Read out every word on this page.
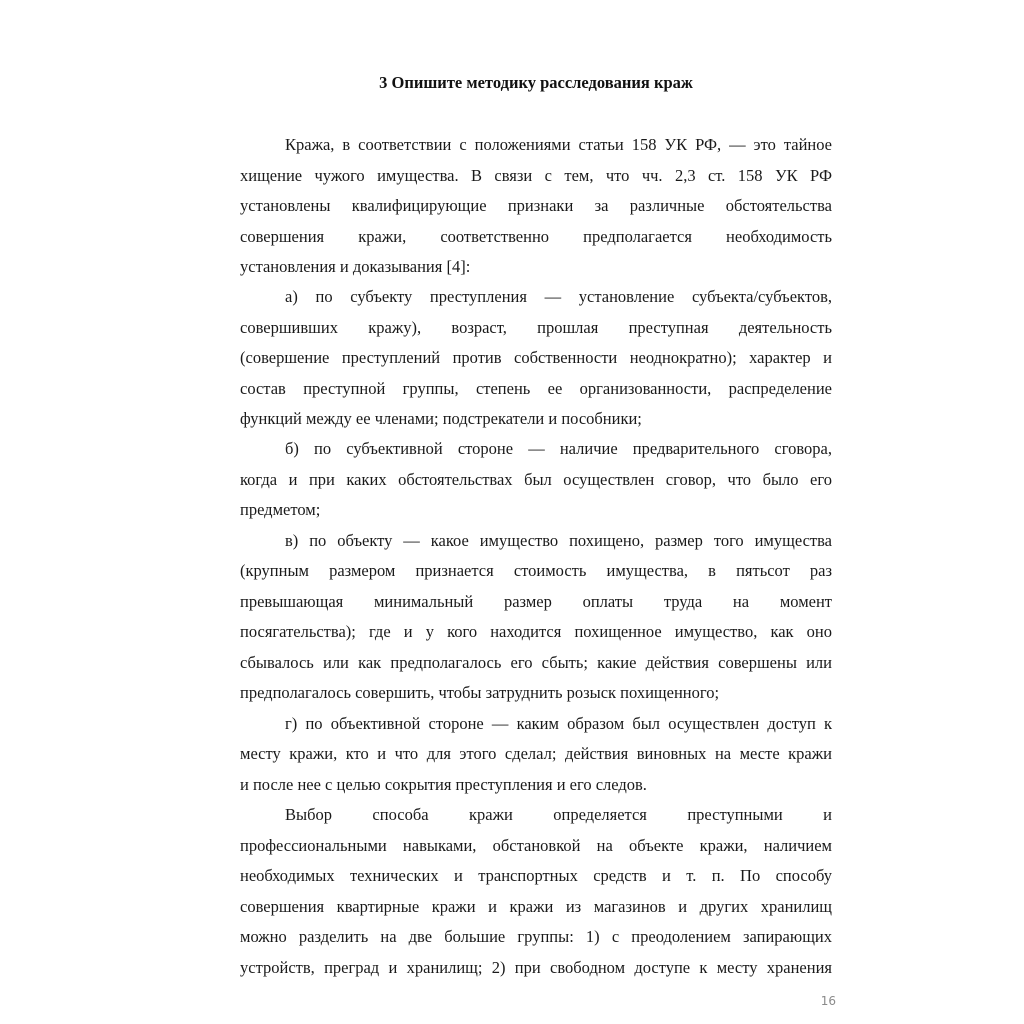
3 Опишите методику расследования краж
Кража, в соответствии с положениями статьи 158 УК РФ, — это тайное
хищение чужого имущества. В связи с тем, что чч. 2,3 ст. 158 УК РФ
установлены квалифицирующие признаки за различные обстоятельства
совершения кражи, соответственно предполагается необходимость
установления и доказывания [4]:
а) по субъекту преступления — установление субъекта/субъектов,
совершивших кражу), возраст, прошлая преступная деятельность
(совершение преступлений против собственности неоднократно); характер и
состав преступной группы, степень ее организованности, распределение
функций между ее членами; подстрекатели и пособники;
б) по субъективной стороне — наличие предварительного сговора,
когда и при каких обстоятельствах был осуществлен сговор, что было его
предметом;
в) по объекту — какое имущество похищено, размер того имущества
(крупным размером признается стоимость имущества, в пятьсот раз
превышающая минимальный размер оплаты труда на момент
посягательства); где и у кого находится похищенное имущество, как оно
сбывалось или как предполагалось его сбыть; какие действия совершены или
предполагалось совершить, чтобы затруднить розыск похищенного;
г) по объективной стороне — каким образом был осуществлен доступ к
месту кражи, кто и что для этого сделал; действия виновных на месте кражи
и после нее с целью сокрытия преступления и его следов.
Выбор способа кражи определяется преступными и
профессиональными навыками, обстановкой на объекте кражи, наличием
необходимых технических и транспортных средств и т. п. По способу
совершения квартирные кражи и кражи из магазинов и других хранилищ
можно разделить на две большие группы: 1) с преодолением запирающих
устройств, преград и хранилищ; 2) при свободном доступе к месту хранения
16
